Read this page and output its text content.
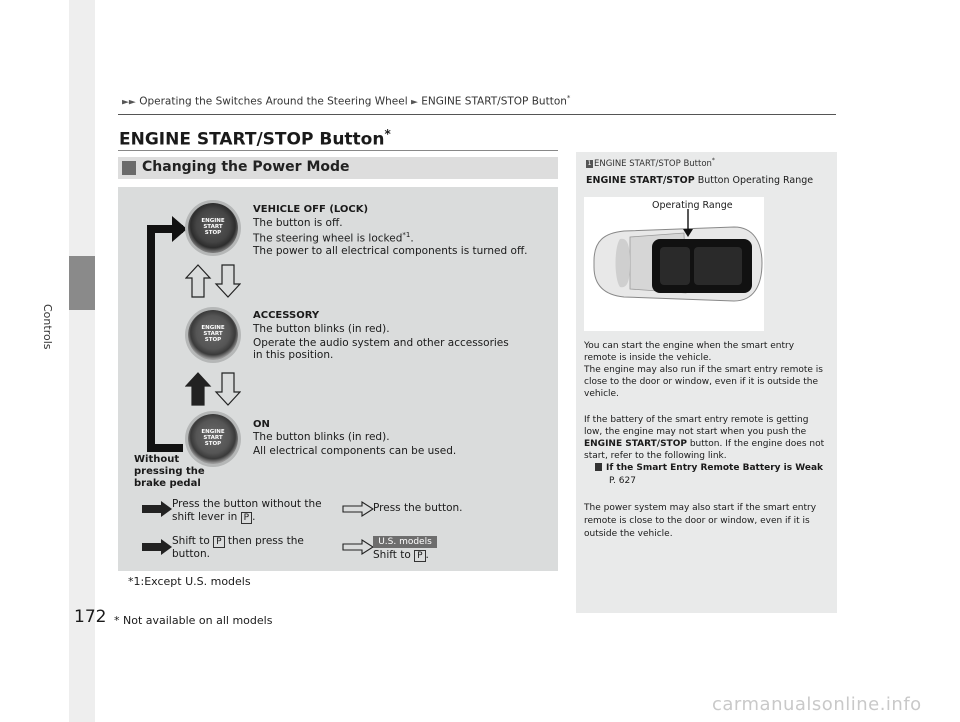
Controls
►► Operating the Switches Around the Steering Wheel ► ENGINE START/STOP Button*
ENGINE START/STOP Button*
Changing the Power Mode
Without
pressing the
brake pedal
ENGINE
START
STOP
ENGINE
START
STOP
ENGINE
START
STOP
VEHICLE OFF (LOCK)
The button is off.
The steering wheel is locked$^{*1}$.
The power to all electrical components is turned off.
ACCESSORY
The button blinks (in red).
Operate the audio system and other accessories
in this position.
ON
The button blinks (in red).
All electrical components can be used.
Press the button without the
shift lever in P .
Press the button.
Shift to P then press the
button.
U.S. models
Shift to P .
*1:Except U.S. models
172 * Not available on all models
1 ENGINE START/STOP Button*
ENGINE START/STOP Button Operating Range
Operating Range
You can start the engine when the smart entry
remote is inside the vehicle.
The engine may also run if the smart entry remote is
close to the door or window, even if it is outside the
vehicle.
If the battery of the smart entry remote is getting
low, the engine may not start when you push the
ENGINE START/STOP button. If the engine does not
start, refer to the following link.
If the Smart Entry Remote Battery is Weak
P. 627
The power system may also start if the smart entry
remote is close to the door or window, even if it is
outside the vehicle.
carmanualsonline.info
